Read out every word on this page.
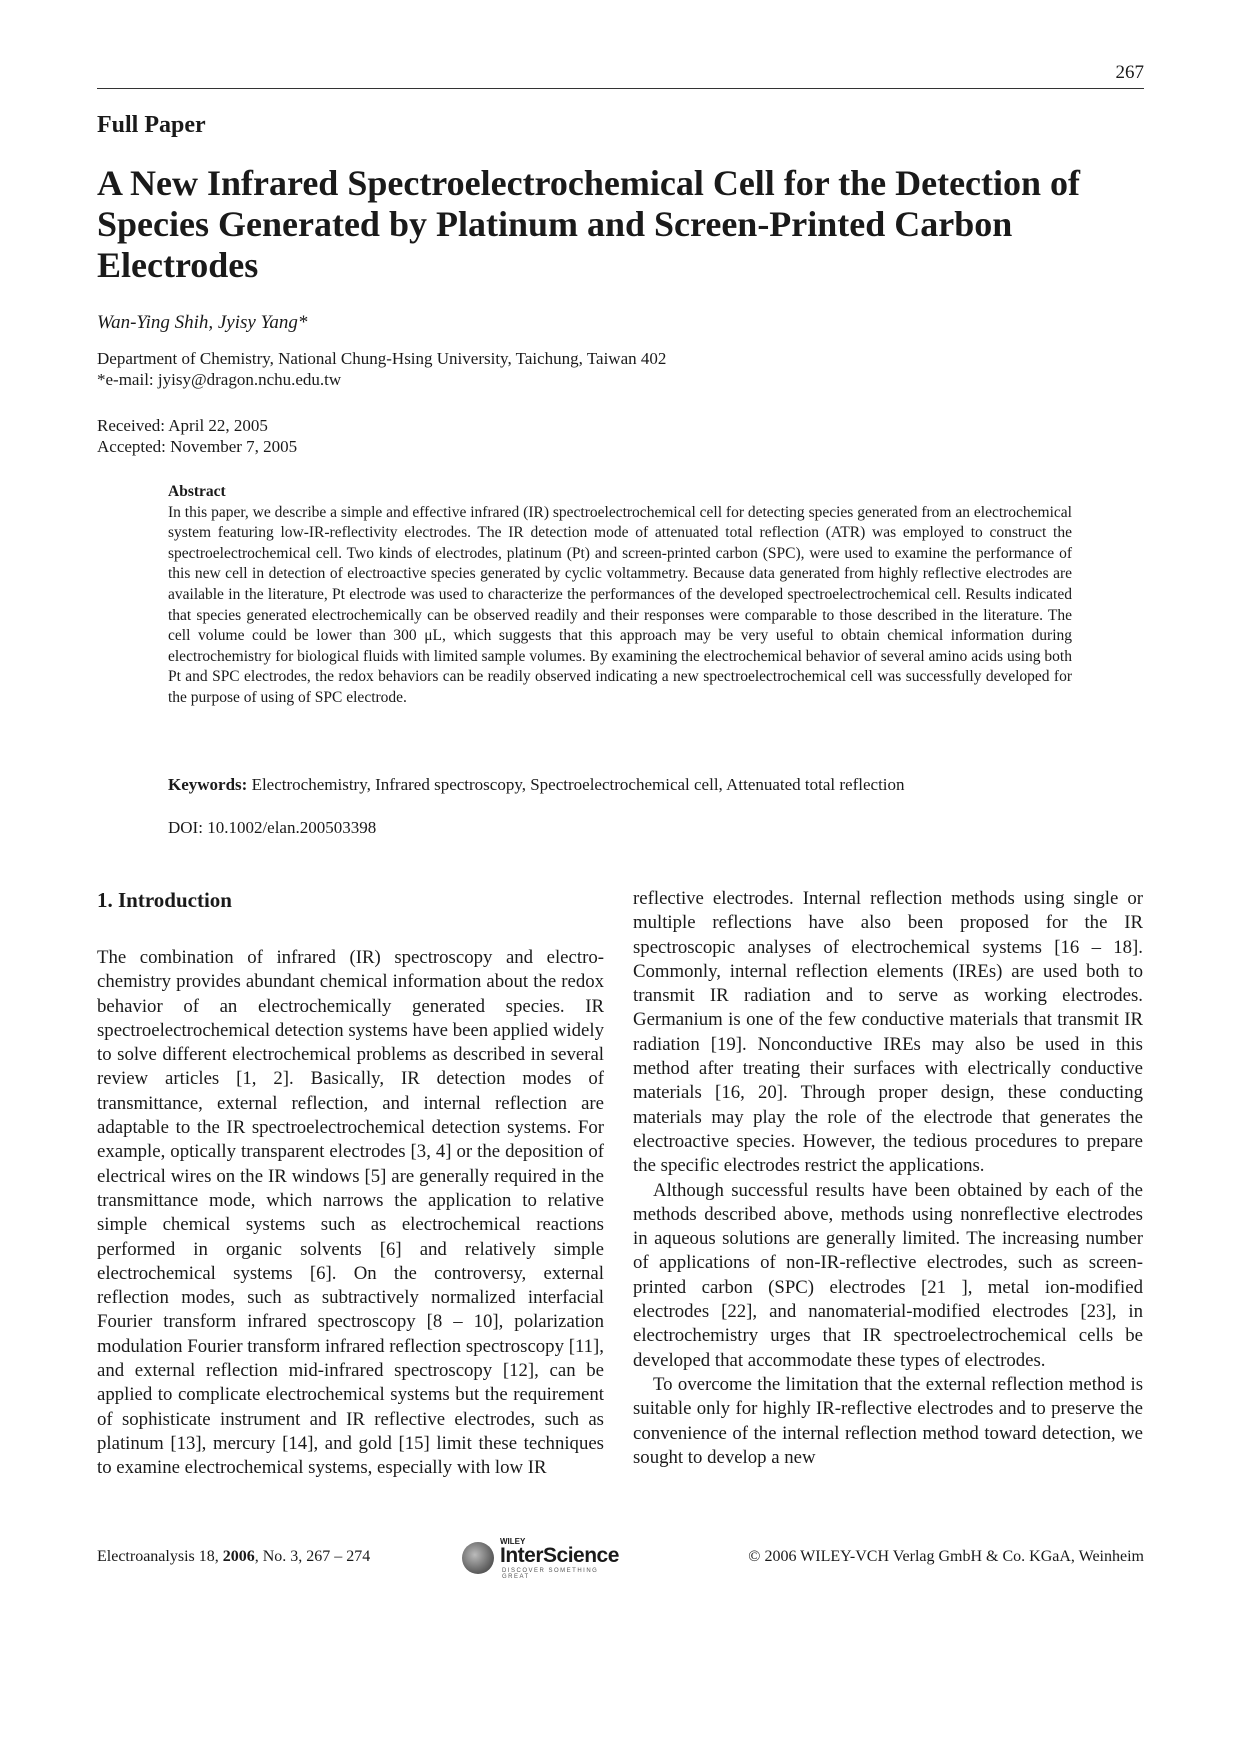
267
Full Paper
A New Infrared Spectroelectrochemical Cell for the Detection of Species Generated by Platinum and Screen-Printed Carbon Electrodes
Wan-Ying Shih, Jyisy Yang*
Department of Chemistry, National Chung-Hsing University, Taichung, Taiwan 402
*e-mail: jyisy@dragon.nchu.edu.tw
Received: April 22, 2005
Accepted: November 7, 2005
Abstract
In this paper, we describe a simple and effective infrared (IR) spectroelectrochemical cell for detecting species generated from an electrochemical system featuring low-IR-reflectivity electrodes. The IR detection mode of attenuated total reflection (ATR) was employed to construct the spectroelectrochemical cell. Two kinds of electrodes, platinum (Pt) and screen-printed carbon (SPC), were used to examine the performance of this new cell in detection of electroactive species generated by cyclic voltammetry. Because data generated from highly reflective electrodes are available in the literature, Pt electrode was used to characterize the performances of the developed spectroelectrochemical cell. Results indicated that species generated electrochemically can be observed readily and their responses were comparable to those described in the literature. The cell volume could be lower than 300 μL, which suggests that this approach may be very useful to obtain chemical information during electrochemistry for biological fluids with limited sample volumes. By examining the electrochemical behavior of several amino acids using both Pt and SPC electrodes, the redox behaviors can be readily observed indicating a new spectroelectrochemical cell was successfully developed for the purpose of using of SPC electrode.
Keywords: Electrochemistry, Infrared spectroscopy, Spectroelectrochemical cell, Attenuated total reflection
DOI: 10.1002/elan.200503398
1. Introduction

The combination of infrared (IR) spectroscopy and electrochemistry provides abundant chemical information about the redox behavior of an electrochemically generated species. IR spectroelectrochemical detection systems have been applied widely to solve different electrochemical problems as described in several review articles [1, 2]. Basically, IR detection modes of transmittance, external reflection, and internal reflection are adaptable to the IR spectroelectrochemical detection systems. For example, optically transparent electrodes [3, 4] or the deposition of electrical wires on the IR windows [5] are generally required in the transmittance mode, which narrows the application to relative simple chemical systems such as electrochemical reactions performed in organic solvents [6] and relatively simple electrochemical systems [6]. On the controversy, external reflection modes, such as subtractively normalized interfacial Fourier transform infrared spectroscopy [8 – 10], polarization modulation Fourier transform infrared reflection spectroscopy [11], and external reflection mid-infrared spectroscopy [12], can be applied to complicate electrochemical systems but the requirement of sophisticate instrument and IR reflective electrodes, such as platinum [13], mercury [14], and gold [15] limit these techniques to examine electrochemical systems, especially with low IR

reflective electrodes. Internal reflection methods using single or multiple reflections have also been proposed for the IR spectroscopic analyses of electrochemical systems [16 – 18]. Commonly, internal reflection elements (IREs) are used both to transmit IR radiation and to serve as working electrodes. Germanium is one of the few conductive materials that transmit IR radiation [19]. Nonconductive IREs may also be used in this method after treating their surfaces with electrically conductive materials [16, 20]. Through proper design, these conducting materials may play the role of the electrode that generates the electroactive species. However, the tedious procedures to prepare the specific electrodes restrict the applications.

Although successful results have been obtained by each of the methods described above, methods using nonreflective electrodes in aqueous solutions are generally limited. The increasing number of applications of non-IR-reflective electrodes, such as screen-printed carbon (SPC) electrodes [21 ], metal ion-modified electrodes [22], and nanomaterial-modified electrodes [23], in electrochemistry urges that IR spectroelectrochemical cells be developed that accommodate these types of electrodes.

To overcome the limitation that the external reflection method is suitable only for highly IR-reflective electrodes and to preserve the convenience of the internal reflection method toward detection, we sought to develop a new

Electroanalysis 18, 2006, No. 3, 267 – 274
WILEY
InterScience
DISCOVER SOMETHING GREAT
© 2006 WILEY-VCH Verlag GmbH & Co. KGaA, Weinheim
